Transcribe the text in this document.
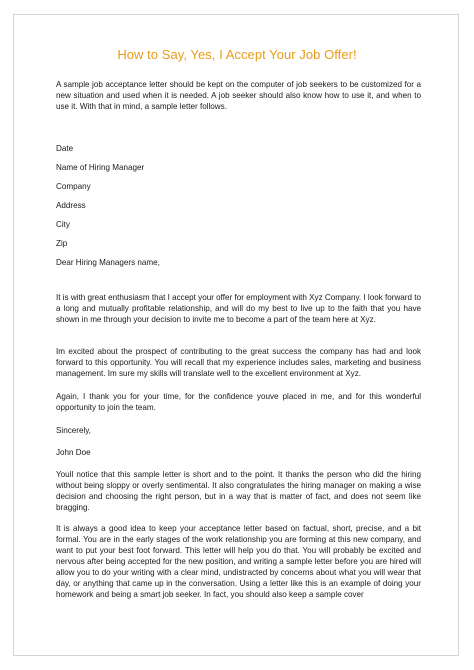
How to Say, Yes, I Accept Your Job Offer!

A sample job acceptance letter should be kept on the computer of job seekers to be customized for a new situation and used when it is needed. A job seeker should also know how to use it, and when to use it. With that in mind, a sample letter follows.

Date

Name of Hiring Manager

Company

Address

City

Zip

Dear Hiring Managers name,

It is with great enthusiasm that I accept your offer for employment with Xyz Company. I look forward to a long and mutually profitable relationship, and will do my best to live up to the faith that you have shown in me through your decision to invite me to become a part of the team here at Xyz.

Im excited about the prospect of contributing to the great success the company has had and look forward to this opportunity. You will recall that my experience includes sales, marketing and business management. Im sure my skills will translate well to the excellent environment at Xyz.

Again, I thank you for your time, for the confidence youve placed in me, and for this wonderful opportunity to join the team.

Sincerely,

John Doe

Youll notice that this sample letter is short and to the point. It thanks the person who did the hiring without being sloppy or overly sentimental. It also congratulates the hiring manager on making a wise decision and choosing the right person, but in a way that is matter of fact, and does not seem like bragging.

It is always a good idea to keep your acceptance letter based on factual, short, precise, and a bit formal. You are in the early stages of the work relationship you are forming at this new company, and want to put your best foot forward. This letter will help you do that. You will probably be excited and nervous after being accepted for the new position, and writing a sample letter before you are hired will allow you to do your writing with a clear mind, undistracted by concerns about what you will wear that day, or anything that came up in the conversation. Using a letter like this is an example of doing your homework and being a smart job seeker. In fact, you should also keep a sample cover
